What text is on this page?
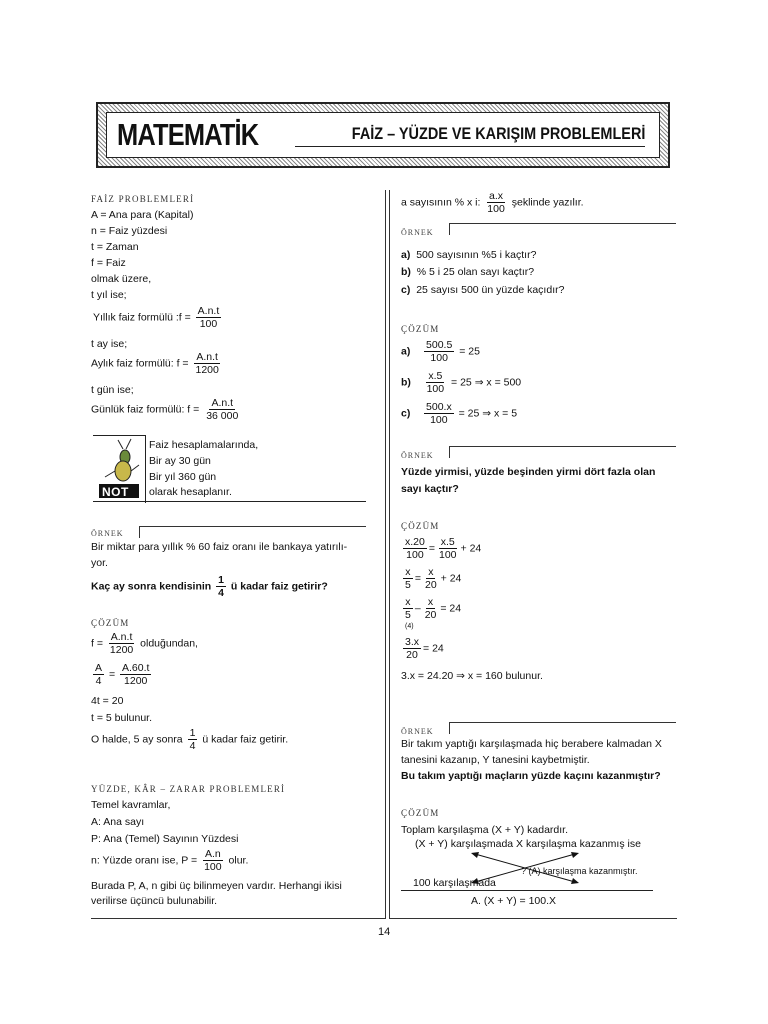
MATEMATİK	FAİZ – YÜZDE VE KARIŞIM PROBLEMLERİ
FAİZ PROBLEMLERİ
A = Ana para (Kapital)
n = Faiz yüzdesi
t = Zaman
f = Faiz
olmak üzere,
t yıl ise;
Yıllık faiz formülü :f = $\frac{A.n.t}{100}$
t ay ise;
Aylık faiz formülü: $f = \frac{A.n.t}{1200}$
t gün ise;
Günlük faiz formülü: $f = \frac{A.n.t}{36 000}$
NOT
Faiz hesaplamalarında,
Bir ay 30 gün
Bir yıl 360 gün
olarak hesaplanır.
ÖRNEK
Bir miktar para yıllık % 60 faiz oranı ile bankaya yatırılı-
yor.
Kaç ay sonra kendisinin $\frac{1}{4}$ ü kadar faiz getirir?
ÇÖZÜM
$f = \frac{A.n.t}{1200}$ olduğundan,
$\frac{A}{4} = \frac{A.60.t}{1200}$
4t = 20
t = 5 bulunur.
O halde, 5 ay sonra $\frac{1}{4}$ ü kadar faiz getirir.
YÜZDE, KÂR – ZARAR PROBLEMLERİ
Temel kavramlar,
A: Ana sayı
P: Ana (Temel) Sayının Yüzdesi
n: Yüzde oranı ise, $P = \frac{A.n}{100}$ olur.
Burada P, A, n gibi üç bilinmeyen vardır. Herhangi ikisi
verilirse üçüncü bulunabilir.
a sayısının % x i: $\frac{a.x}{100}$ şeklinde yazılır.
ÖRNEK
a) 500 sayısının %5 i kaçtır?
b) % 5 i 25 olan sayı kaçtır?
c) 25 sayısı 500 ün yüzde kaçıdır?
ÇÖZÜM
$a) \frac{500.5}{100} = 25$
$b) \frac{x.5}{100} = 25$ ⇒ x = 500
$c) \frac{500.x}{100} = 25$ ⇒ x = 5
ÖRNEK
Yüzde yirmisi, yüzde beşinden yirmi dört fazla olan
sayı kaçtır?
ÇÖZÜM
$\frac{x.20}{100} = \frac{x.5}{100} + 24$
$\frac{x}{5} = \frac{x}{20} + 24$
$\frac{x}{5} - \frac{x}{20} = 24$
(4)
$\frac{3.x}{20} = 24$
3.x = 24.20 ⇒ x = 160 bulunur.
ÖRNEK
Bir takım yaptığı karşılaşmada hiç berabere kalmadan X
tanesini kazanıp, Y tanesini kaybetmiştir.
Bu takım yaptığı maçların yüzde kaçını kazanmıştır?
ÇÖZÜM
Toplam karşılaşma (X + Y) kadardır.
(X + Y) karşılaşmada X karşılaşma kazanmış ise
? (A) karşılaşma kazanmıştır.
100 karşılaşmada
A. (X + Y) = 100.X
14
